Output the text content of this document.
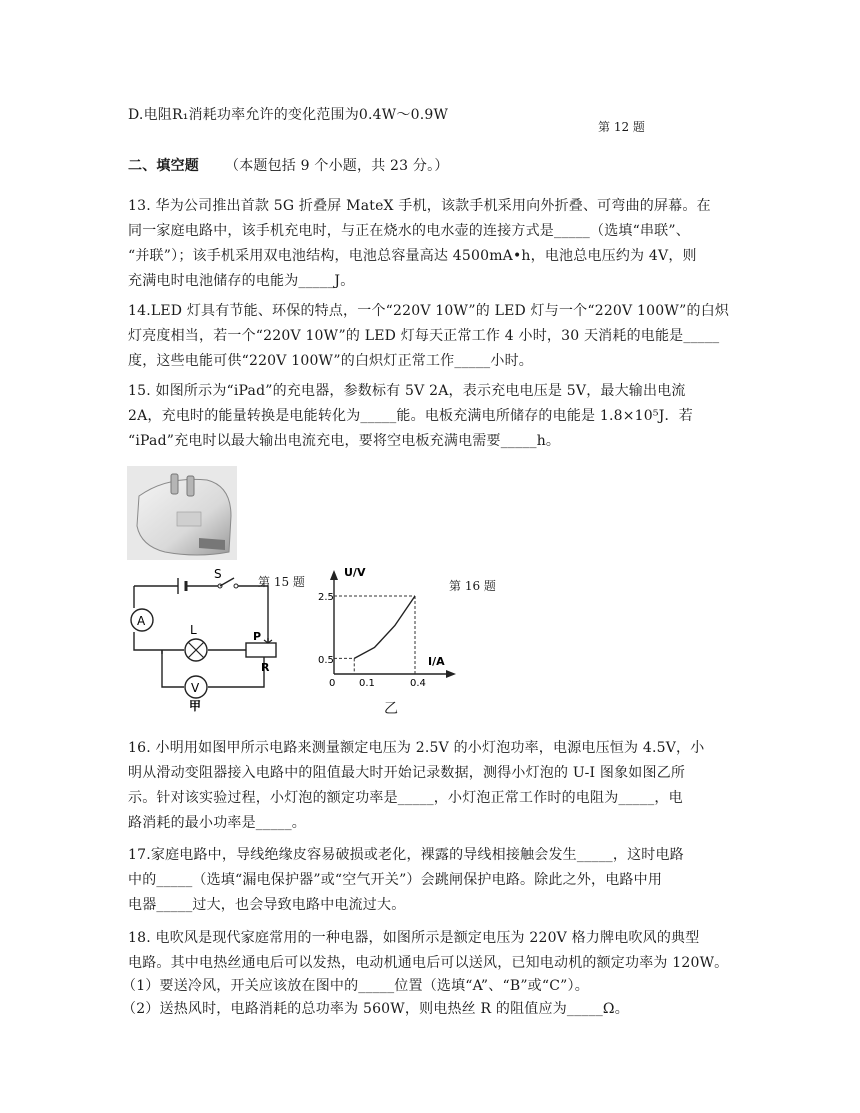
D.电阻R₁消耗功率允许的变化范围为0.4W～0.9W
第 12 题
二、填空题 （本题包括 9 个小题，共 23 分。）
13. 华为公司推出首款 5G 折叠屏 MateX 手机，该款手机采用向外折叠、可弯曲的屏幕。在
同一家庭电路中，该手机充电时，与正在烧水的电水壶的连接方式是_____（选填“串联”、
“并联”）；该手机采用双电池结构，电池总容量高达 4500mA•h，电池总电压约为 4V，则
充满电时电池储存的电能为_____J。
14.LED 灯具有节能、环保的特点，一个“220V 10W”的 LED 灯与一个“220V 100W”的白炽
灯亮度相当，若一个“220V 10W”的 LED 灯每天正常工作 4 小时，30 天消耗的电能是_____
度，这些电能可供“220V 100W”的白炽灯正常工作_____小时。
15. 如图所示为“iPad”的充电器，参数标有 5V 2A，表示充电电压是 5V，最大输出电流
2A，充电时的能量转换是电能转化为_____能。电板充满电所储存的电能是 1.8×10⁵J．若
“iPad”充电时以最大输出电流充电，要将空电板充满电需要_____h。
第 15 题	第 16 题
S
A
L	P
R
V
甲
U/V
I/A
0 0.1	0.4
0.5
2.5
乙
16. 小明用如图甲所示电路来测量额定电压为 2.5V 的小灯泡功率，电源电压恒为 4.5V，小
明从滑动变阻器接入电路中的阻值最大时开始记录数据，测得小灯泡的 U-I 图象如图乙所
示。针对该实验过程，小灯泡的额定功率是_____，小灯泡正常工作时的电阻为_____，电
路消耗的最小功率是_____。
17.家庭电路中，导线绝缘皮容易破损或老化，裸露的导线相接触会发生_____，这时电路
中的_____（选填“漏电保护器”或“空气开关”）会跳闸保护电路。除此之外，电路中用
电器_____过大，也会导致电路中电流过大。
18. 电吹风是现代家庭常用的一种电器，如图所示是额定电压为 220V 格力牌电吹风的典型
电路。其中电热丝通电后可以发热，电动机通电后可以送风，已知电动机的额定功率为 120W。
（1）要送冷风，开关应该放在图中的_____位置（选填“A”、“B”或“C”）。
（2）送热风时，电路消耗的总功率为 560W，则电热丝 R 的阻值应为_____Ω。
